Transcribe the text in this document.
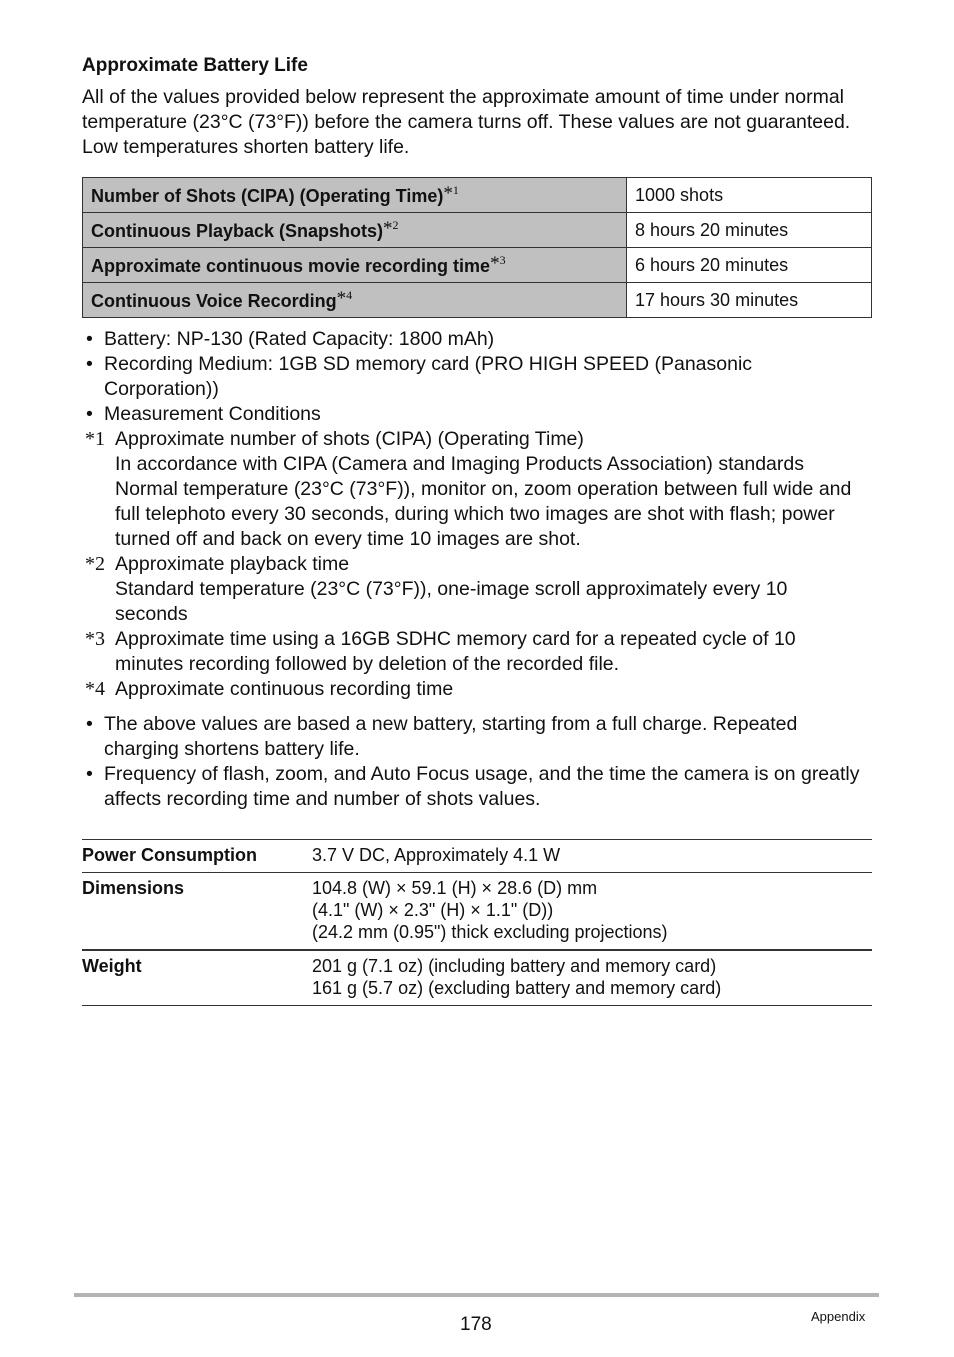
Approximate Battery Life

All of the values provided below represent the approximate amount of time under normal temperature (23°C (73°F)) before the camera turns off. These values are not guaranteed. Low temperatures shorten battery life.

Number of Shots (CIPA) (Operating Time)*$^1$	1000 shots
Continuous Playback (Snapshots)*$^2$	8 hours 20 minutes
Approximate continuous movie recording time*$^3$	6 hours 20 minutes
Continuous Voice Recording*$^4$	17 hours 30 minutes
• Battery: NP-130 (Rated Capacity: 1800 mAh)
• Recording Medium: 1GB SD memory card (PRO HIGH SPEED (Panasonic Corporation))
• Measurement Conditions
*1 Approximate number of shots (CIPA) (Operating Time)
In accordance with CIPA (Camera and Imaging Products Association) standards
Normal temperature (23°C (73°F)), monitor on, zoom operation between full wide and full telephoto every 30 seconds, during which two images are shot with flash; power turned off and back on every time 10 images are shot.
*2 Approximate playback time
Standard temperature (23°C (73°F)), one-image scroll approximately every 10 seconds
*3 Approximate time using a 16GB SDHC memory card for a repeated cycle of 10 minutes recording followed by deletion of the recorded file.
*4 Approximate continuous recording time
• The above values are based a new battery, starting from a full charge. Repeated charging shortens battery life.
• Frequency of flash, zoom, and Auto Focus usage, and the time the camera is on greatly affects recording time and number of shots values.
Power Consumption	3.7 V DC, Approximately 4.1 W

Dimensions	104.8 (W) × 59.1 (H) × 28.6 (D) mm
(4.1" (W) × 2.3" (H) × 1.1" (D))
(24.2 mm (0.95") thick excluding projections)

Weight	201 g (7.1 oz) (including battery and memory card)
161 g (5.7 oz) (excluding battery and memory card)
178	Appendix
